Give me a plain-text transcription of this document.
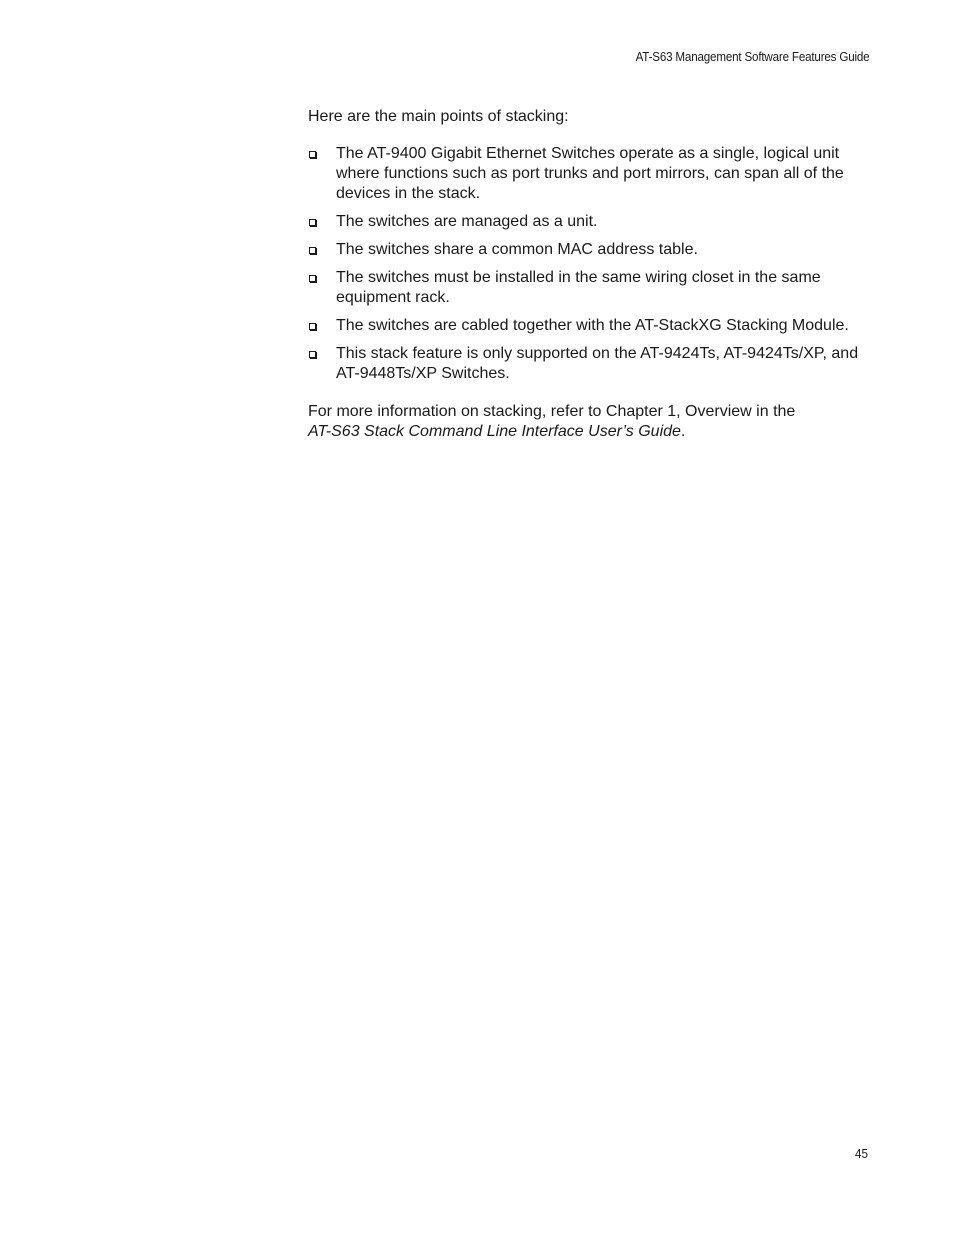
AT-S63 Management Software Features Guide

Here are the main points of stacking:

The AT-9400 Gigabit Ethernet Switches operate as a single, logical unit where functions such as port trunks and port mirrors, can span all of the devices in the stack.
The switches are managed as a unit.
The switches share a common MAC address table.
The switches must be installed in the same wiring closet in the same equipment rack.
The switches are cabled together with the AT-StackXG Stacking Module.
This stack feature is only supported on the AT-9424Ts, AT-9424Ts/XP, and AT-9448Ts/XP Switches.

For more information on stacking, refer to Chapter 1, Overview in the
AT-S63 Stack Command Line Interface User’s Guide.

45
